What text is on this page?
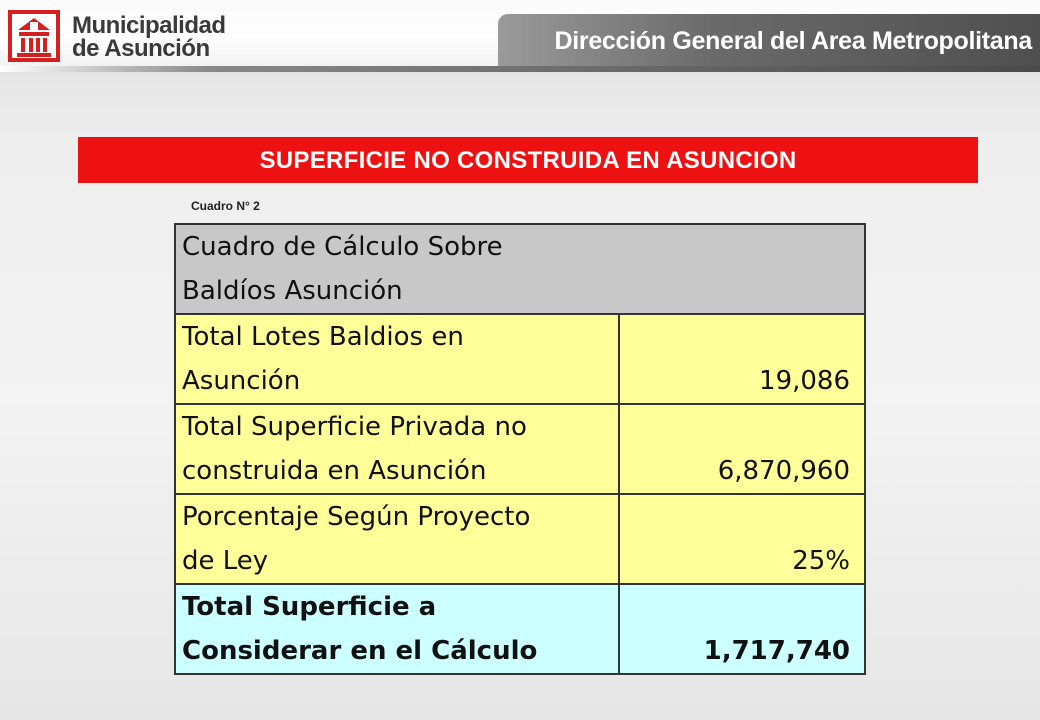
Municipalidad
de Asunción	Dirección General del Area Metropolitana
SUPERFICIE NO CONSTRUIDA EN ASUNCION
Cuadro N° 2
Cuadro de Cálculo Sobre
Baldíos Asunción	

Total Lotes Baldios en
Asunción	19,086

Total Superficie Privada no
construida en Asunción	6,870,960

Porcentaje Según Proyecto
de Ley	25%

Total Superficie a
Considerar en el Cálculo	1,717,740
